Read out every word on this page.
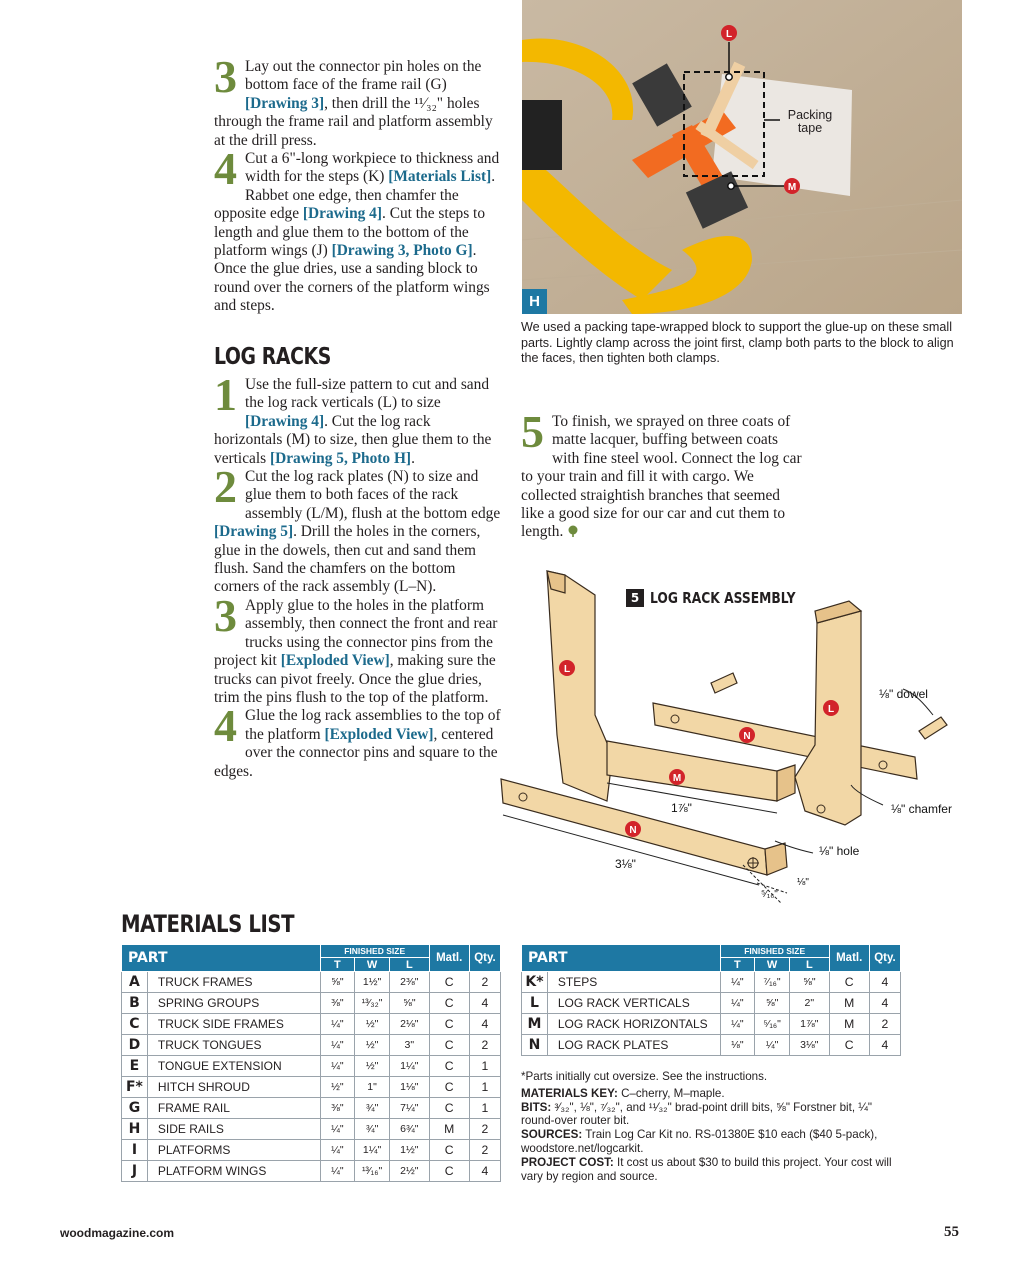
3 Lay out the connector pin holes on the bottom face of the frame rail (G) [Drawing 3], then drill the ¹¹⁄₃₂" holes through the frame rail and platform assembly at the drill press.

4 Cut a 6"-long workpiece to thickness and width for the steps (K) [Materials List]. Rabbet one edge, then chamfer the opposite edge [Drawing 4]. Cut the steps to length and glue them to the bottom of the platform wings (J) [Drawing 3, Photo G]. Once the glue dries, use a sanding block to round over the corners of the platform wings and steps.

LOG RACKS

1 Use the full-size pattern to cut and sand the log rack verticals (L) to size [Drawing 4]. Cut the log rack horizontals (M) to size, then glue them to the verticals [Drawing 5, Photo H].

2 Cut the log rack plates (N) to size and glue them to both faces of the rack assembly (L/M), flush at the bottom edge [Drawing 5]. Drill the holes in the corners, glue in the dowels, then cut and sand them flush. Sand the chamfers on the bottom corners of the rack assembly (L–N).

3 Apply glue to the holes in the platform assembly, then connect the front and rear trucks using the connector pins from the project kit [Exploded View], making sure the trucks can pivot freely. Once the glue dries, trim the pins flush to the top of the platform.

4 Glue the log rack assemblies to the top of the platform [Exploded View], centered over the connector pins and square to the edges.

5 To finish, we sprayed on three coats of matte lacquer, buffing between coats with fine steel wool. Connect the log car to your train and fill it with cargo. We collected straightish branches that seemed like a good size for our car and cut them to length.

L
M
Packing tape
H
We used a packing tape-wrapped block to support the glue-up on these small parts. Lightly clamp across the joint first, clamp both parts to the block to align the faces, then tighten both clamps.
L
L
M
N
N
1⅞"
3⅛"
⁵⁄₁₆"
⅛"
⅛" dowel
⅛" chamfer
⅛" hole
5 LOG RACK ASSEMBLY
MATERIALS LIST
PART		FINISHED SIZE			Matl.	Qty.
		T	W	L		
A	TRUCK FRAMES	⅝"	1½"	2⅜"	C	2
B	SPRING GROUPS	⅜"	¹³⁄₃₂"	⅝"	C	4
C	TRUCK SIDE FRAMES	¼"	½"	2⅛"	C	4
D	TRUCK TONGUES	¼"	½"	3"	C	2
E	TONGUE EXTENSION	¼"	½"	1¼"	C	1
F*	HITCH SHROUD	½"	1"	1⅛"	C	1
G	FRAME RAIL	⅜"	¾"	7¼"	C	1
H	SIDE RAILS	¼"	¾"	6¾"	M	2
I	PLATFORMS	¼"	1¼"	1½"	C	2
J	PLATFORM WINGS	¼"	¹³⁄₁₆"	2½"	C	4
PART		FINISHED SIZE			Matl.	Qty.
		T	W	L		
K*	STEPS	¼"	⁷⁄₁₆"	⅝"	C	4
L	LOG RACK VERTICALS	¼"	⅝"	2"	M	4
M	LOG RACK HORIZONTALS	¼"	⁵⁄₁₆"	1⅞"	M	2
N	LOG RACK PLATES	⅛"	¼"	3⅛"	C	4
*Parts initially cut oversize. See the instructions.
MATERIALS KEY: C–cherry, M–maple.
BITS: ³⁄₃₂", ⅛", ⁷⁄₃₂", and ¹¹⁄₃₂" brad-point drill bits, ⅝" Forstner bit, ¼" round-over router bit.
SOURCES: Train Log Car Kit no. RS-01380E $10 each ($40 5-pack), woodstore.net/logcarkit.
PROJECT COST: It cost us about $30 to build this project. Your cost will vary by region and source.
woodmagazine.com	55
